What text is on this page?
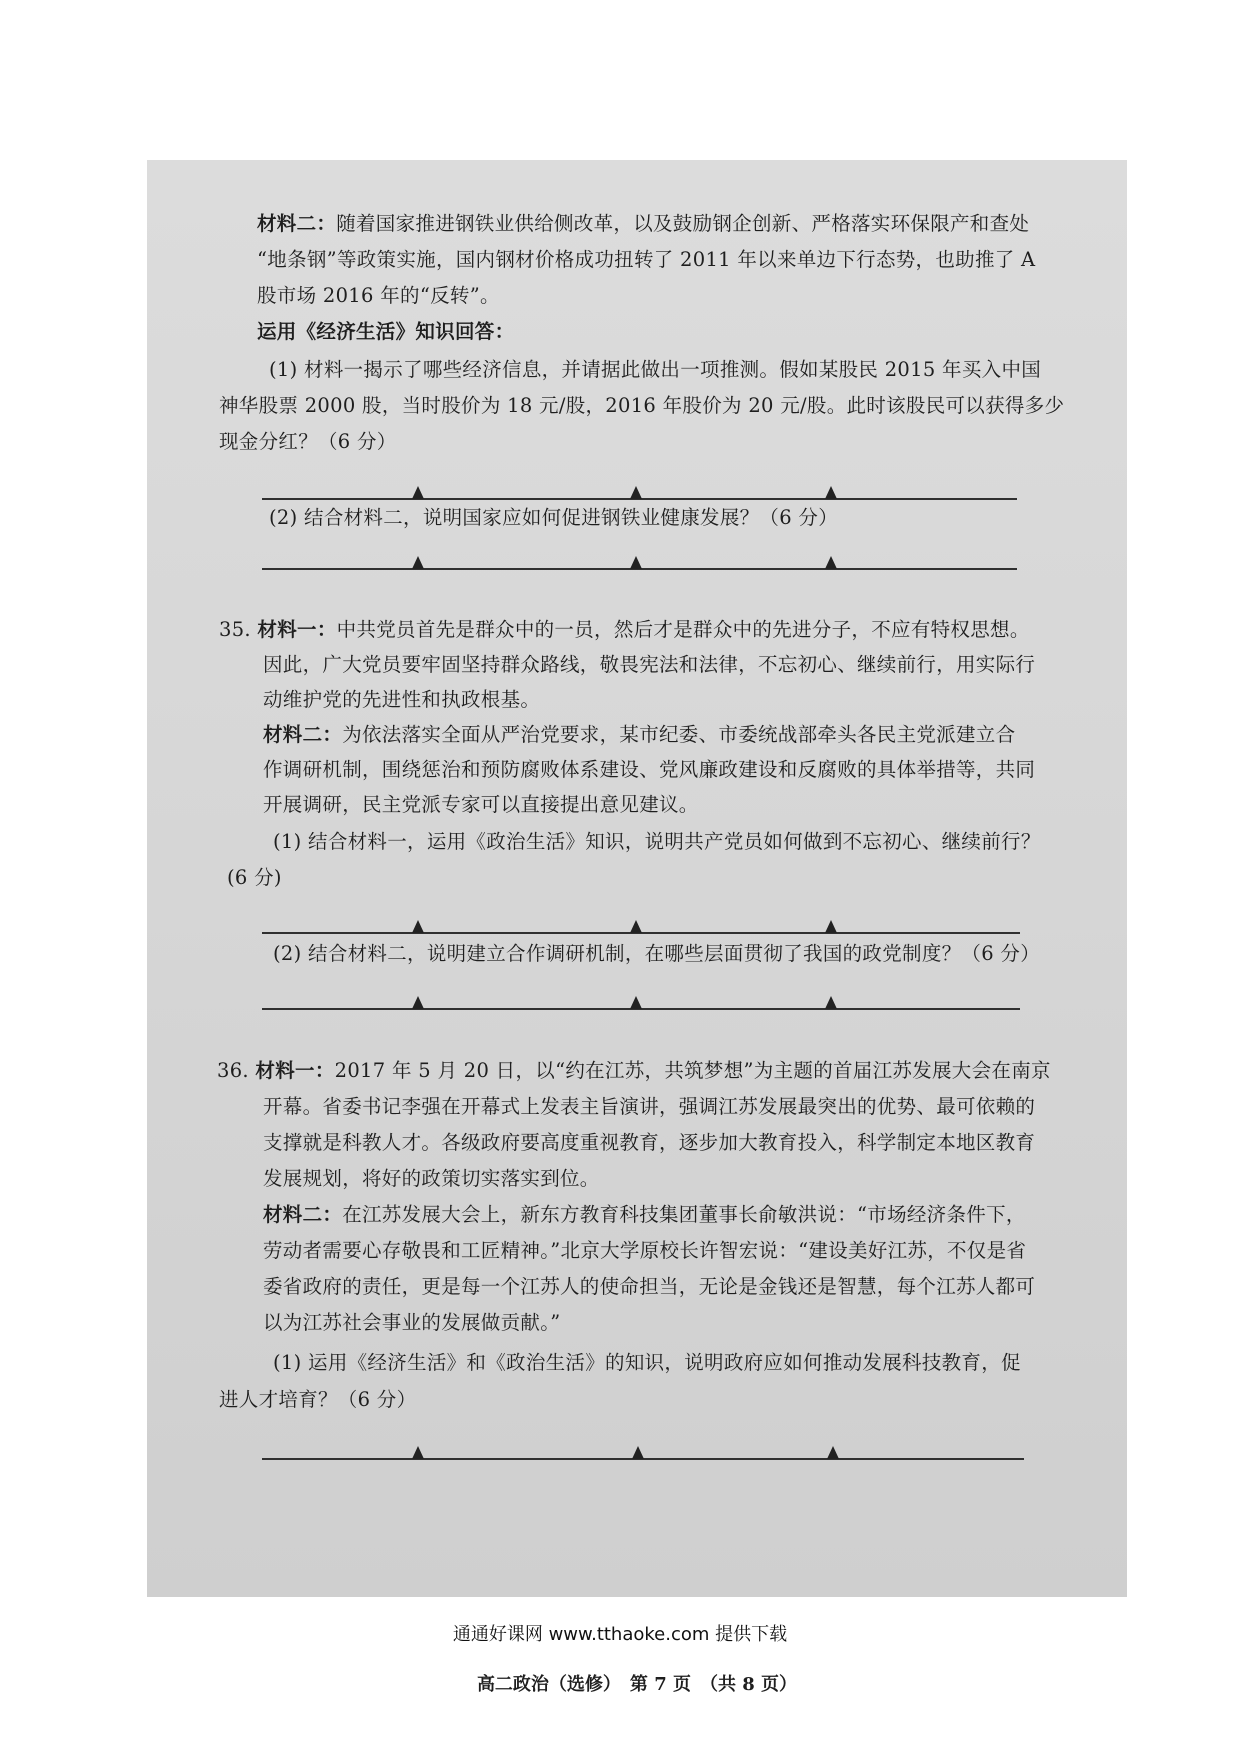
材料二：随着国家推进钢铁业供给侧改革，以及鼓励钢企创新、严格落实环保限产和查处
“地条钢”等政策实施，国内钢材价格成功扭转了 2011 年以来单边下行态势，也助推了 A
股市场 2016 年的“反转”。
运用《经济生活》知识回答：
(1) 材料一揭示了哪些经济信息，并请据此做出一项推测。假如某股民 2015 年买入中国
神华股票 2000 股，当时股价为 18 元/股，2016 年股价为 20 元/股。此时该股民可以获得多少
现金分红？（6 分）
(2) 结合材料二，说明国家应如何促进钢铁业健康发展？（6 分）
35. 材料一：中共党员首先是群众中的一员，然后才是群众中的先进分子，不应有特权思想。
因此，广大党员要牢固坚持群众路线，敬畏宪法和法律，不忘初心、继续前行，用实际行
动维护党的先进性和执政根基。
材料二：为依法落实全面从严治党要求，某市纪委、市委统战部牵头各民主党派建立合
作调研机制，围绕惩治和预防腐败体系建设、党风廉政建设和反腐败的具体举措等，共同
开展调研，民主党派专家可以直接提出意见建议。
(1) 结合材料一，运用《政治生活》知识，说明共产党员如何做到不忘初心、继续前行？
(6 分)
(2) 结合材料二，说明建立合作调研机制，在哪些层面贯彻了我国的政党制度？（6 分）
36. 材料一：2017 年 5 月 20 日，以“约在江苏，共筑梦想”为主题的首届江苏发展大会在南京
开幕。省委书记李强在开幕式上发表主旨演讲，强调江苏发展最突出的优势、最可依赖的
支撑就是科教人才。各级政府要高度重视教育，逐步加大教育投入，科学制定本地区教育
发展规划，将好的政策切实落实到位。
材料二：在江苏发展大会上，新东方教育科技集团董事长俞敏洪说：“市场经济条件下，
劳动者需要心存敬畏和工匠精神。”北京大学原校长许智宏说：“建设美好江苏，不仅是省
委省政府的责任，更是每一个江苏人的使命担当，无论是金钱还是智慧，每个江苏人都可
以为江苏社会事业的发展做贡献。”
(1) 运用《经济生活》和《政治生活》的知识，说明政府应如何推动发展科技教育，促
进人才培育？（6 分）
高二政治（选修）　第 7 页　（共 8 页）
通通好课网 www.tthaoke.com 提供下载
